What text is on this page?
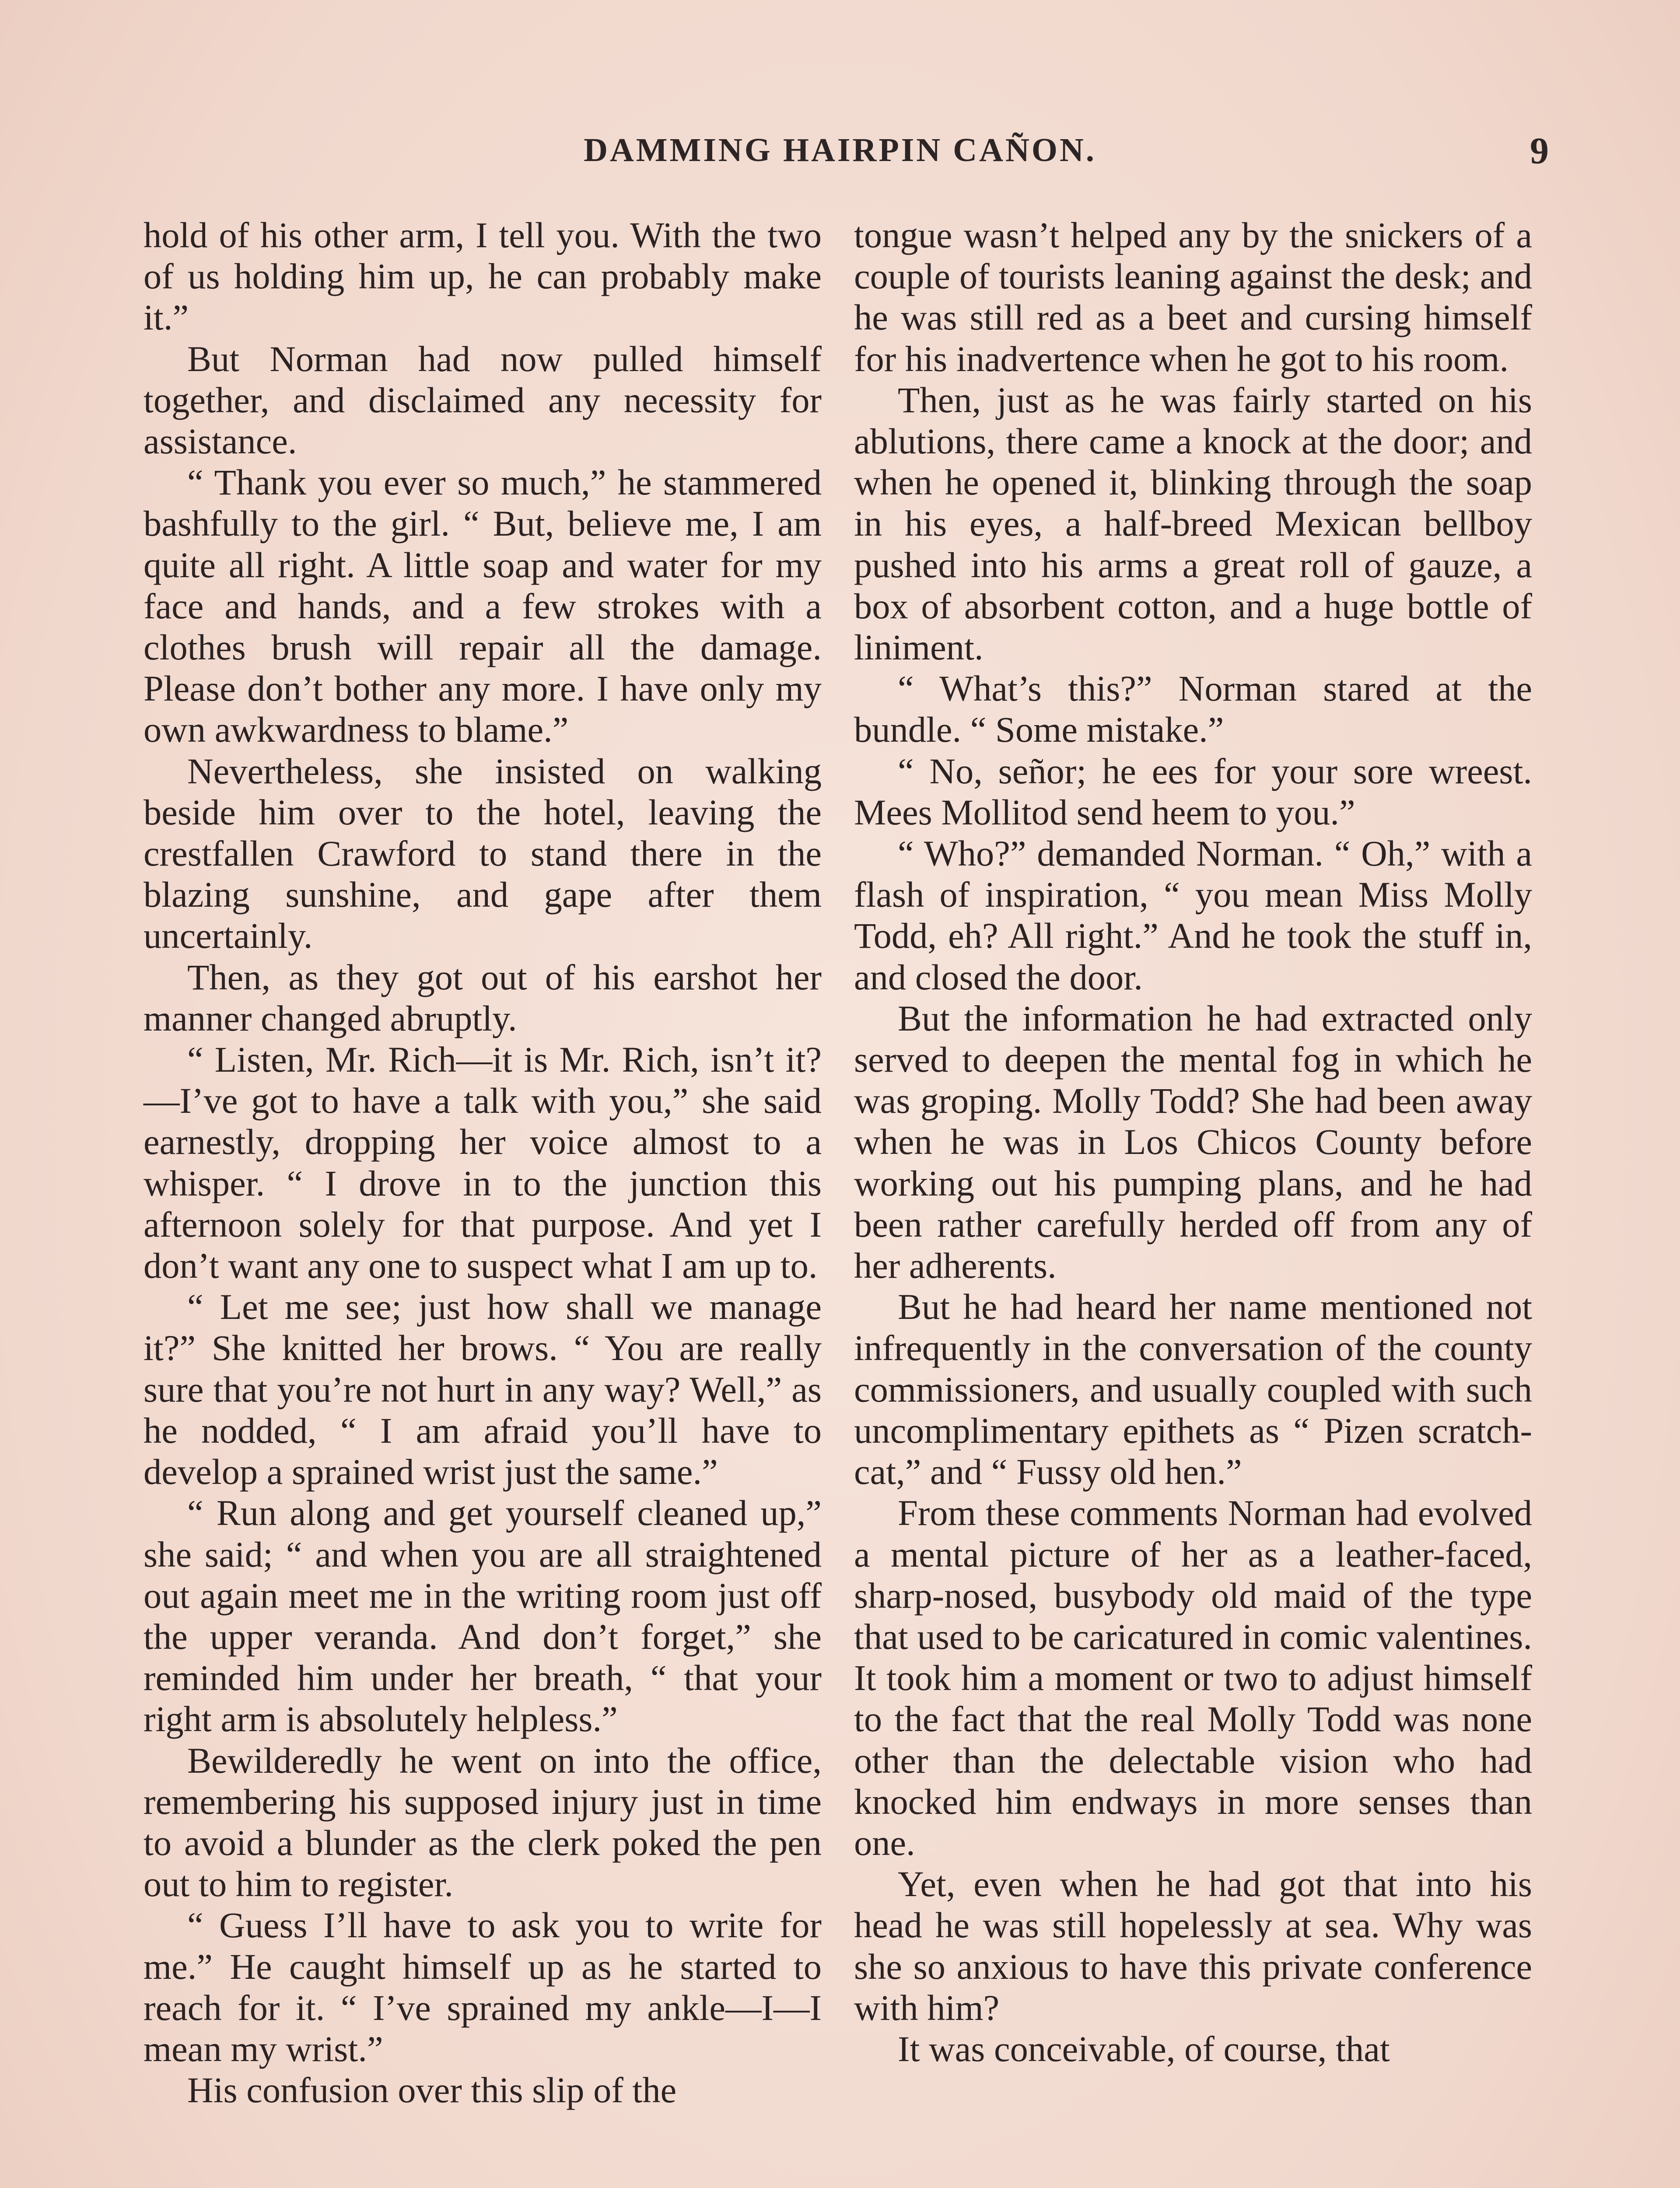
DAMMING HAIRPIN CAÑON.	9

hold of his other arm, I tell you. With the two of us holding him up, he can probably make it.”

But Norman had now pulled himself together, and disclaimed any necessity for assistance.

“ Thank you ever so much,” he stammered bashfully to the girl. “ But, believe me, I am quite all right. A little soap and water for my face and hands, and a few strokes with a clothes brush will repair all the damage. Please don’t bother any more. I have only my own awkwardness to blame.”

Nevertheless, she insisted on walking beside him over to the hotel, leaving the crestfallen Crawford to stand there in the blazing sunshine, and gape after them uncertainly.

Then, as they got out of his earshot her manner changed abruptly.

“ Listen, Mr. Rich—it is Mr. Rich, isn’t it?—I’ve got to have a talk with you,” she said earnestly, dropping her voice almost to a whisper. “ I drove in to the junction this afternoon solely for that purpose. And yet I don’t want any one to suspect what I am up to.

“ Let me see; just how shall we manage it?” She knitted her brows. “ You are really sure that you’re not hurt in any way? Well,” as he nodded, “ I am afraid you’ll have to develop a sprained wrist just the same.”

“ Run along and get yourself cleaned up,” she said; “ and when you are all straightened out again meet me in the writing room just off the upper veranda. And don’t forget,” she reminded him under her breath, “ that your right arm is absolutely helpless.”

Bewilderedly he went on into the office, remembering his supposed injury just in time to avoid a blunder as the clerk poked the pen out to him to register.

“ Guess I’ll have to ask you to write for me.” He caught himself up as he started to reach for it. “ I’ve sprained my ankle—I—I mean my wrist.”

His confusion over this slip of the

tongue wasn’t helped any by the snickers of a couple of tourists leaning against the desk; and he was still red as a beet and cursing himself for his inadvertence when he got to his room.

Then, just as he was fairly started on his ablutions, there came a knock at the door; and when he opened it, blinking through the soap in his eyes, a half-breed Mexican bellboy pushed into his arms a great roll of gauze, a box of absorbent cotton, and a huge bottle of liniment.

“ What’s this?” Norman stared at the bundle. “ Some mistake.”

“ No, señor; he ees for your sore wreest. Mees Mollitod send heem to you.”

“ Who?” demanded Norman. “ Oh,” with a flash of inspiration, “ you mean Miss Molly Todd, eh? All right.” And he took the stuff in, and closed the door.

But the information he had extracted only served to deepen the mental fog in which he was groping. Molly Todd? She had been away when he was in Los Chicos County before working out his pumping plans, and he had been rather carefully herded off from any of her adherents.

But he had heard her name mentioned not infrequently in the conversation of the county commissioners, and usually coupled with such uncomplimentary epithets as “ Pizen scratch-cat,” and “ Fussy old hen.”

From these comments Norman had evolved a mental picture of her as a leather-faced, sharp-nosed, busybody old maid of the type that used to be caricatured in comic valentines. It took him a moment or two to adjust himself to the fact that the real Molly Todd was none other than the delectable vision who had knocked him endways in more senses than one.

Yet, even when he had got that into his head he was still hopelessly at sea. Why was she so anxious to have this private conference with him?

It was conceivable, of course, that
